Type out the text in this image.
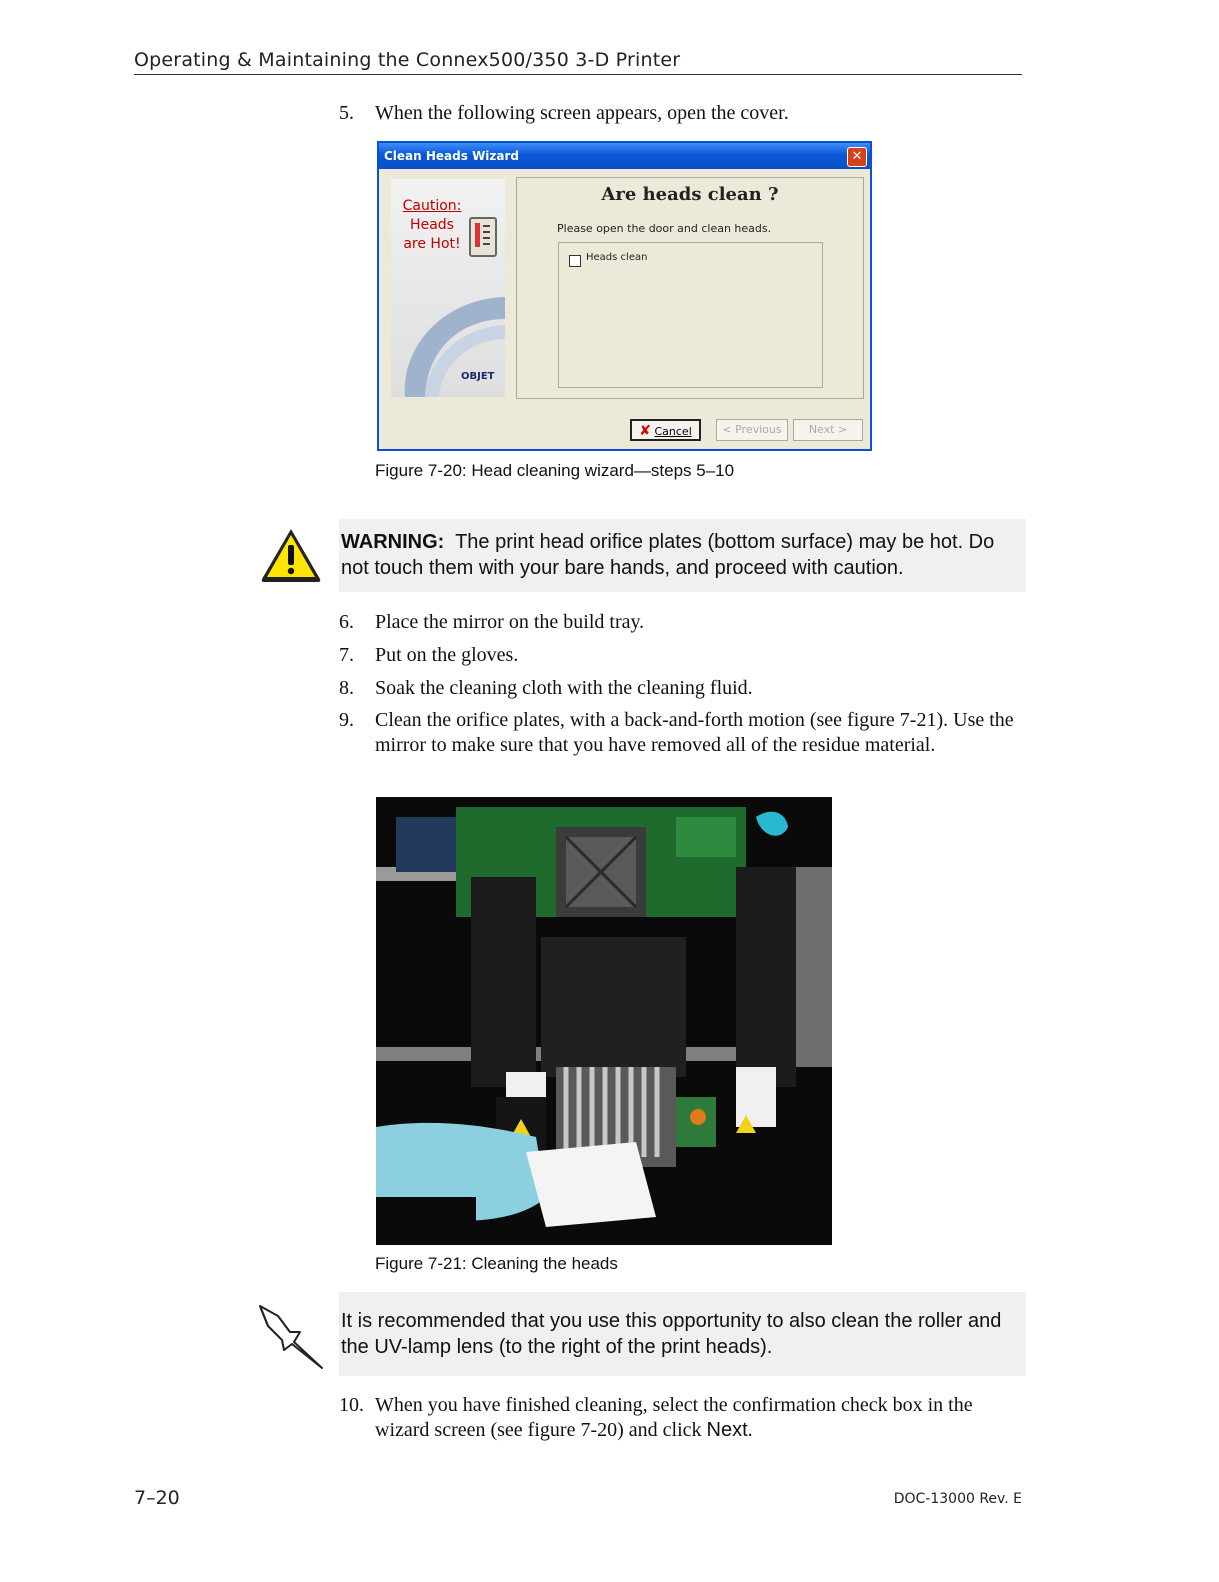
Operating & Maintaining the Connex500/350 3-D Printer
5.	When the following screen appears, open the cover.
Clean Heads Wizard	✕
Caution:
Heads
are Hot!
OBJET
Are heads clean ?
Please open the door and clean heads.
Heads clean
✘ Cancel	< Previous	Next >
Figure 7-20: Head cleaning wizard—steps 5–10
WARNING: The print head orifice plates (bottom surface) may be hot. Do not touch them with your bare hands, and proceed with caution.
6.	Place the mirror on the build tray.
7.	Put on the gloves.
8.	Soak the cleaning cloth with the cleaning fluid.
9.	Clean the orifice plates, with a back-and-forth motion (see figure 7-21). Use the mirror to make sure that you have removed all of the residue material.
Figure 7-21: Cleaning the heads
It is recommended that you use this opportunity to also clean the roller and the UV-lamp lens (to the right of the print heads).
10. When you have finished cleaning, select the confirmation check box in the wizard screen (see figure 7-20) and click Next.
7–20	DOC-13000 Rev. E
